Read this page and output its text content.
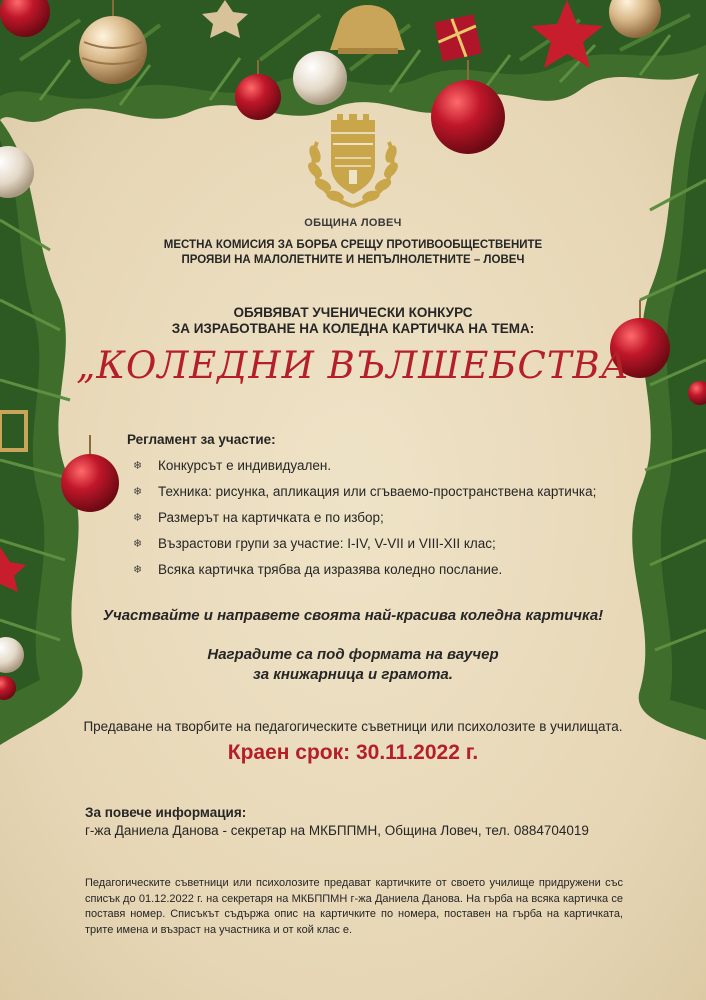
ОБЩИНА ЛОВЕЧ
МЕСТНА КОМИСИЯ ЗА БОРБА СРЕЩУ ПРОТИВООБЩЕСТВЕНИТЕ
ПРОЯВИ НА МАЛОЛЕТНИТЕ И НЕПЪЛНОЛЕТНИТЕ – ЛОВЕЧ
ОБЯВЯВАТ УЧЕНИЧЕСКИ КОНКУРС
ЗА ИЗРАБОТВАНЕ НА КОЛЕДНА КАРТИЧКА НА ТЕМА:
„КОЛЕДНИ ВЪЛШЕБСТВА
Регламент за участие:
❄	Конкурсът е индивидуален.
❄	Техника: рисунка, апликация или сгъваемо-пространствена картичка;
❄	Размерът на картичката е по избор;
❄	Възрастови групи за участие: I-IV, V-VII и VIII-XII клас;
❄	Всяка картичка трябва да изразява коледно послание.
Участвайте и направете своята най-красива коледна картичка!
Наградите са под формата на ваучер
за книжарница и грамота.
Предаване на творбите на педагогическите съветници или психолозите в училищата.
Краен срок: 30.11.2022 г.
За повече информация:
г-жа Даниела Данова - секретар на МКБППМН, Община Ловеч, тел. 0884704019
Педагогическите съветници или психолозите предават картичките от своето училище придружени със списък до 01.12.2022 г. на секретаря на МКБППМН г-жа Даниела Данова. На гърба на всяка картичка се поставя номер. Списъкът съдържа опис на картичките по номера, поставен на гърба на картичката, трите имена и възраст на участника и от кой клас е.
